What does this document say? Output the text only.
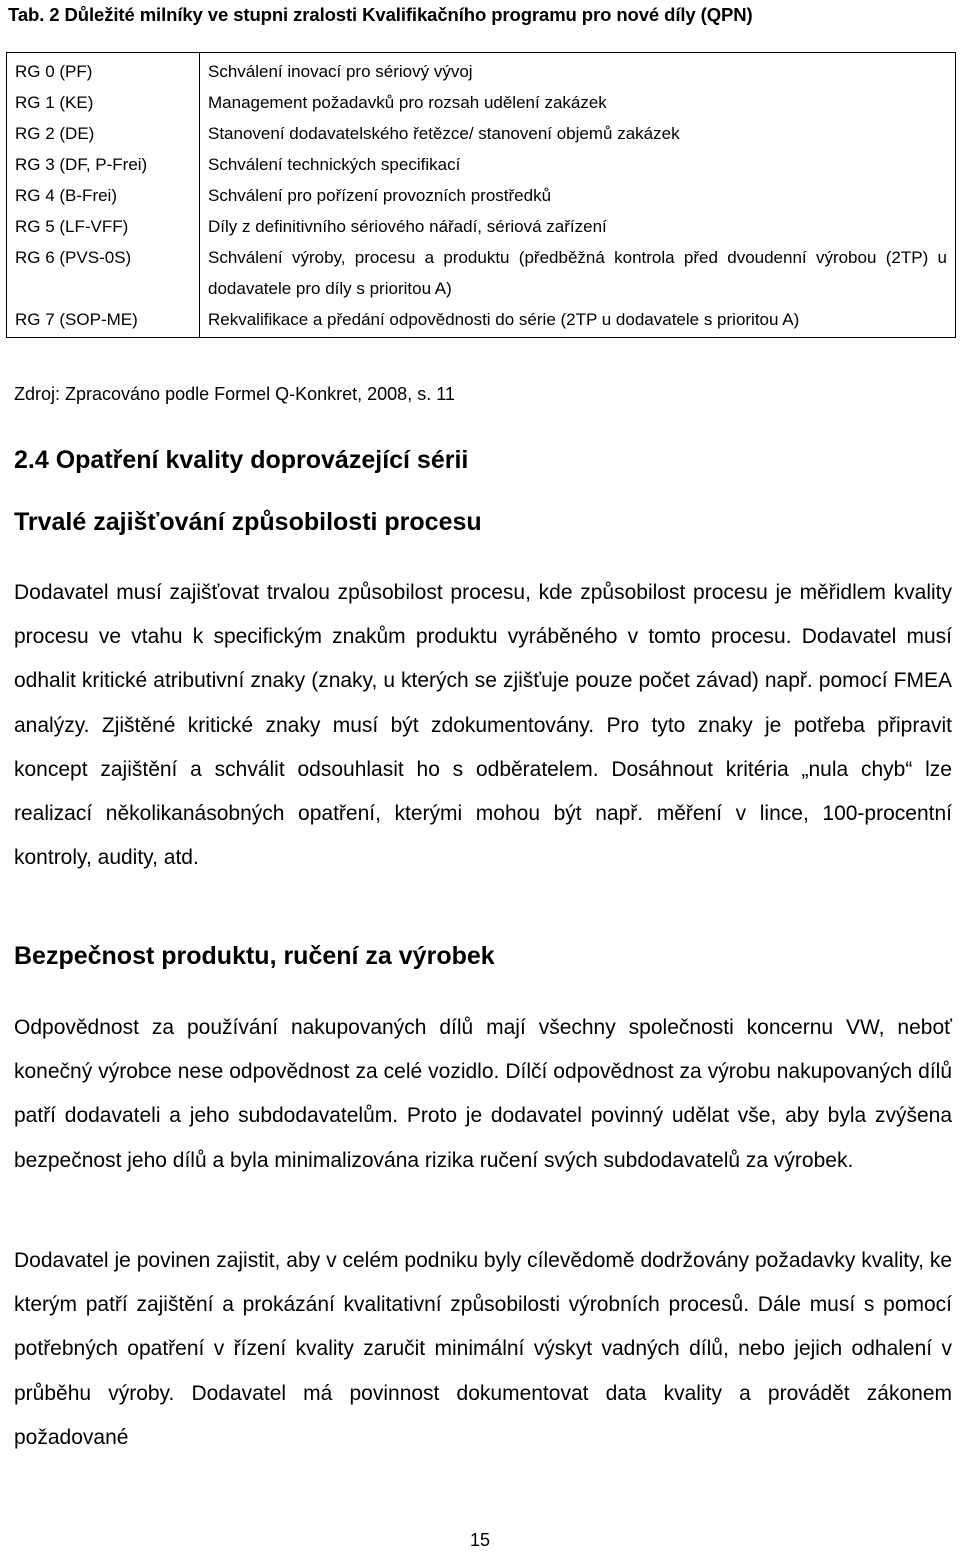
Tab. 2 Důležité milníky ve stupni zralosti Kvalifikačního programu pro nové díly (QPN)
RG 0 (PF)	Schválení inovací pro sériový vývoj
RG 1 (KE)	Management požadavků pro rozsah udělení zakázek
RG 2 (DE)	Stanovení dodavatelského řetězce/ stanovení objemů zakázek
RG 3 (DF, P-Frei)	Schválení technických specifikací
RG 4 (B-Frei)	Schválení pro pořízení provozních prostředků
RG 5 (LF-VFF)	Díly z definitivního sériového nářadí, sériová zařízení
RG 6 (PVS-0S)	Schválení výroby, procesu a produktu (předběžná kontrola před dvoudenní výrobou (2TP) u dodavatele pro díly s prioritou A)
RG 7 (SOP-ME)	Rekvalifikace a předání odpovědnosti do série (2TP u dodavatele s prioritou A)
Zdroj: Zpracováno podle Formel Q-Konkret, 2008, s. 11
2.4 Opatření kvality doprovázející sérii
Trvalé zajišťování způsobilosti procesu
Dodavatel musí zajišťovat trvalou způsobilost procesu, kde způsobilost procesu je měřidlem kvality procesu ve vtahu k specifickým znakům produktu vyráběného v tomto procesu. Dodavatel musí odhalit kritické atributivní znaky (znaky, u kterých se zjišťuje pouze počet závad) např. pomocí FMEA analýzy. Zjištěné kritické znaky musí být zdokumentovány. Pro tyto znaky je potřeba připravit koncept zajištění a schválit odsouhlasit ho s odběratelem. Dosáhnout kritéria „nula chyb“ lze realizací několikanásobných opatření, kterými mohou být např. měření v lince, 100-procentní kontroly, audity, atd.
Bezpečnost produktu, ručení za výrobek
Odpovědnost za používání nakupovaných dílů mají všechny společnosti koncernu VW, neboť konečný výrobce nese odpovědnost za celé vozidlo. Dílčí odpovědnost za výrobu nakupovaných dílů patří dodavateli a jeho subdodavatelům. Proto je dodavatel povinný udělat vše, aby byla zvýšena bezpečnost jeho dílů a byla minimalizována rizika ručení svých subdodavatelů za výrobek.
Dodavatel je povinen zajistit, aby v celém podniku byly cílevědomě dodržovány požadavky kvality, ke kterým patří zajištění a prokázání kvalitativní způsobilosti výrobních procesů. Dále musí s pomocí potřebných opatření v řízení kvality zaručit minimální výskyt vadných dílů, nebo jejich odhalení v průběhu výroby. Dodavatel má povinnost dokumentovat data kvality a provádět zákonem požadované
15
